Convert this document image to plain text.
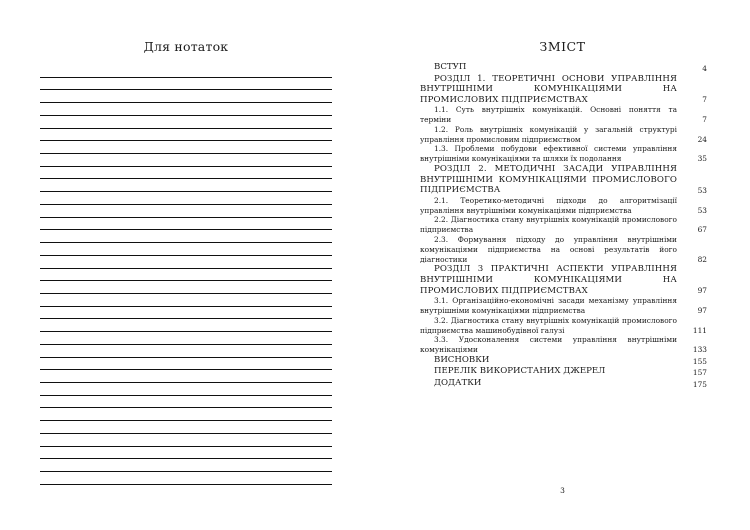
Для нотаток	ЗМІСТ
ВСТУП	4
РОЗДІЛ 1. ТЕОРЕТИЧНІ ОСНОВИ УПРАВЛІННЯ ВНУТРІШНІМИ КОМУНІКАЦІЯМИ НА ПРОМИСЛОВИХ ПІДПРИЄМСТВАХ	7
1.1. Суть внутрішніх комунікацій. Основні поняття та терміни	7
1.2. Роль внутрішніх комунікацій у загальній структурі управління промисловим підприємством	24
1.3. Проблеми побудови ефективної системи управління внутрішніми комунікаціями та шляхи їх подолання	35
РОЗДІЛ 2. МЕТОДИЧНІ ЗАСАДИ УПРАВЛІННЯ ВНУТРІШНІМИ КОМУНІКАЦІЯМИ ПРОМИСЛОВОГО ПІДПРИЄМСТВА	53
2.1. Теоретико-методичні підходи до алгоритмізації управління внутрішніми комунікаціями підприємства	53
2.2. Діагностика стану внутрішніх комунікацій промислового підприємства	67
2.3. Формування підходу до управління внутрішніми комунікаціями підприємства на основі результатів його діагностики	82
РОЗДІЛ 3 ПРАКТИЧНІ АСПЕКТИ УПРАВЛІННЯ ВНУТРІШНІМИ КОМУНІКАЦІЯМИ НА ПРОМИСЛОВИХ ПІДПРИЄМСТВАХ	97
3.1. Організаційно-економічні засади механізму управління внутрішніми комунікаціями підприємства	97
3.2. Діагностика стану внутрішніх комунікацій промислового підприємства машинобудівної галузі	111
3.3. Удосконалення системи управління внутрішніми комунікаціями	133
ВИСНОВКИ	155
ПЕРЕЛІК ВИКОРИСТАНИХ ДЖЕРЕЛ	157
ДОДАТКИ	175
3
